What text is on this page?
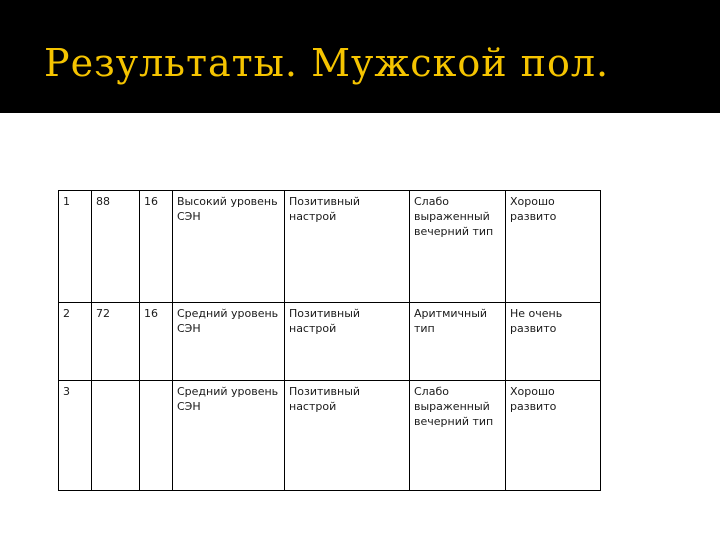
Результаты. Мужской пол.
1	88	16	Высокий уровень СЭН	Позитивный настрой	Слабо выраженный вечерний тип	Хорошо развито
2	72	16	Средний уровень СЭН	Позитивный настрой	Аритмичный тип	Не очень развито
3			Средний уровень СЭН	Позитивный настрой	Слабо выраженный вечерний тип	Хорошо развито
